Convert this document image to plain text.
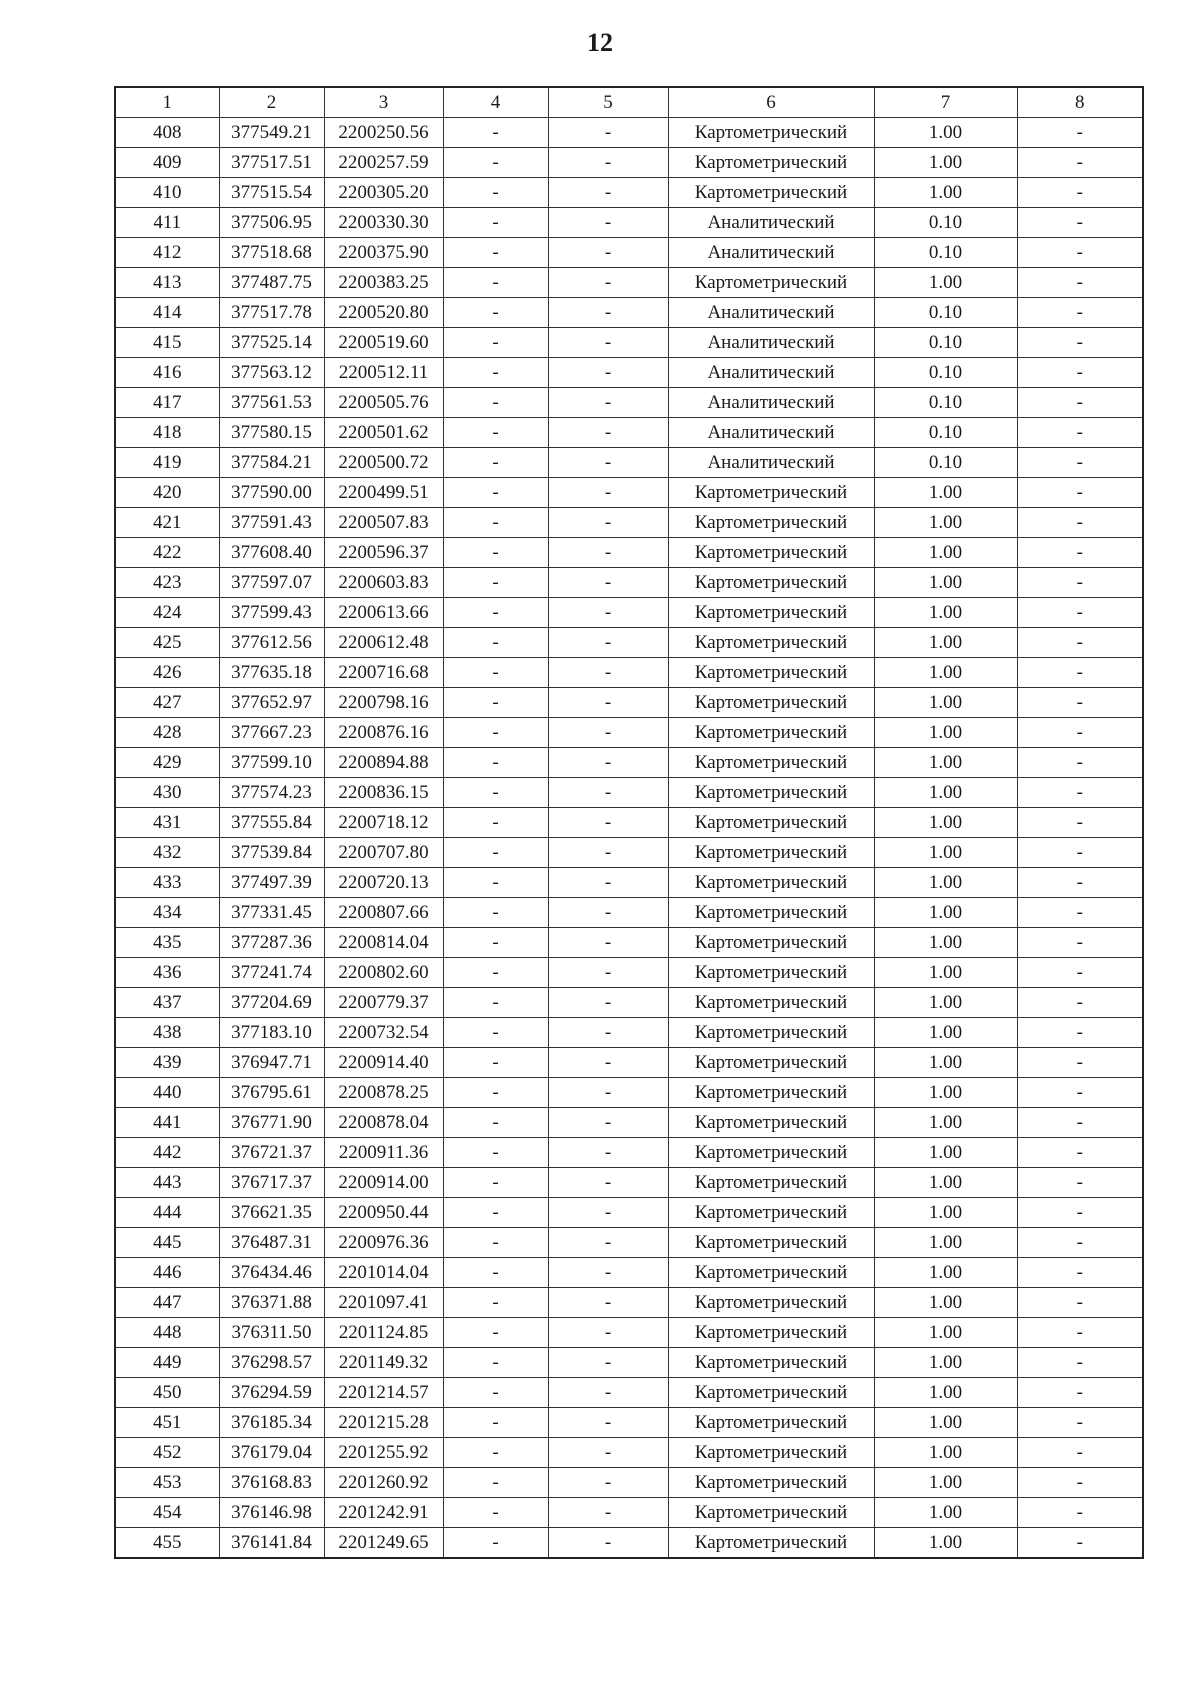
12
1	2	3	4	5	6	7	8
408	377549.21	2200250.56	-	-	Картометрический	1.00	-
409	377517.51	2200257.59	-	-	Картометрический	1.00	-
410	377515.54	2200305.20	-	-	Картометрический	1.00	-
411	377506.95	2200330.30	-	-	Аналитический	0.10	-
412	377518.68	2200375.90	-	-	Аналитический	0.10	-
413	377487.75	2200383.25	-	-	Картометрический	1.00	-
414	377517.78	2200520.80	-	-	Аналитический	0.10	-
415	377525.14	2200519.60	-	-	Аналитический	0.10	-
416	377563.12	2200512.11	-	-	Аналитический	0.10	-
417	377561.53	2200505.76	-	-	Аналитический	0.10	-
418	377580.15	2200501.62	-	-	Аналитический	0.10	-
419	377584.21	2200500.72	-	-	Аналитический	0.10	-
420	377590.00	2200499.51	-	-	Картометрический	1.00	-
421	377591.43	2200507.83	-	-	Картометрический	1.00	-
422	377608.40	2200596.37	-	-	Картометрический	1.00	-
423	377597.07	2200603.83	-	-	Картометрический	1.00	-
424	377599.43	2200613.66	-	-	Картометрический	1.00	-
425	377612.56	2200612.48	-	-	Картометрический	1.00	-
426	377635.18	2200716.68	-	-	Картометрический	1.00	-
427	377652.97	2200798.16	-	-	Картометрический	1.00	-
428	377667.23	2200876.16	-	-	Картометрический	1.00	-
429	377599.10	2200894.88	-	-	Картометрический	1.00	-
430	377574.23	2200836.15	-	-	Картометрический	1.00	-
431	377555.84	2200718.12	-	-	Картометрический	1.00	-
432	377539.84	2200707.80	-	-	Картометрический	1.00	-
433	377497.39	2200720.13	-	-	Картометрический	1.00	-
434	377331.45	2200807.66	-	-	Картометрический	1.00	-
435	377287.36	2200814.04	-	-	Картометрический	1.00	-
436	377241.74	2200802.60	-	-	Картометрический	1.00	-
437	377204.69	2200779.37	-	-	Картометрический	1.00	-
438	377183.10	2200732.54	-	-	Картометрический	1.00	-
439	376947.71	2200914.40	-	-	Картометрический	1.00	-
440	376795.61	2200878.25	-	-	Картометрический	1.00	-
441	376771.90	2200878.04	-	-	Картометрический	1.00	-
442	376721.37	2200911.36	-	-	Картометрический	1.00	-
443	376717.37	2200914.00	-	-	Картометрический	1.00	-
444	376621.35	2200950.44	-	-	Картометрический	1.00	-
445	376487.31	2200976.36	-	-	Картометрический	1.00	-
446	376434.46	2201014.04	-	-	Картометрический	1.00	-
447	376371.88	2201097.41	-	-	Картометрический	1.00	-
448	376311.50	2201124.85	-	-	Картометрический	1.00	-
449	376298.57	2201149.32	-	-	Картометрический	1.00	-
450	376294.59	2201214.57	-	-	Картометрический	1.00	-
451	376185.34	2201215.28	-	-	Картометрический	1.00	-
452	376179.04	2201255.92	-	-	Картометрический	1.00	-
453	376168.83	2201260.92	-	-	Картометрический	1.00	-
454	376146.98	2201242.91	-	-	Картометрический	1.00	-
455	376141.84	2201249.65	-	-	Картометрический	1.00	-
